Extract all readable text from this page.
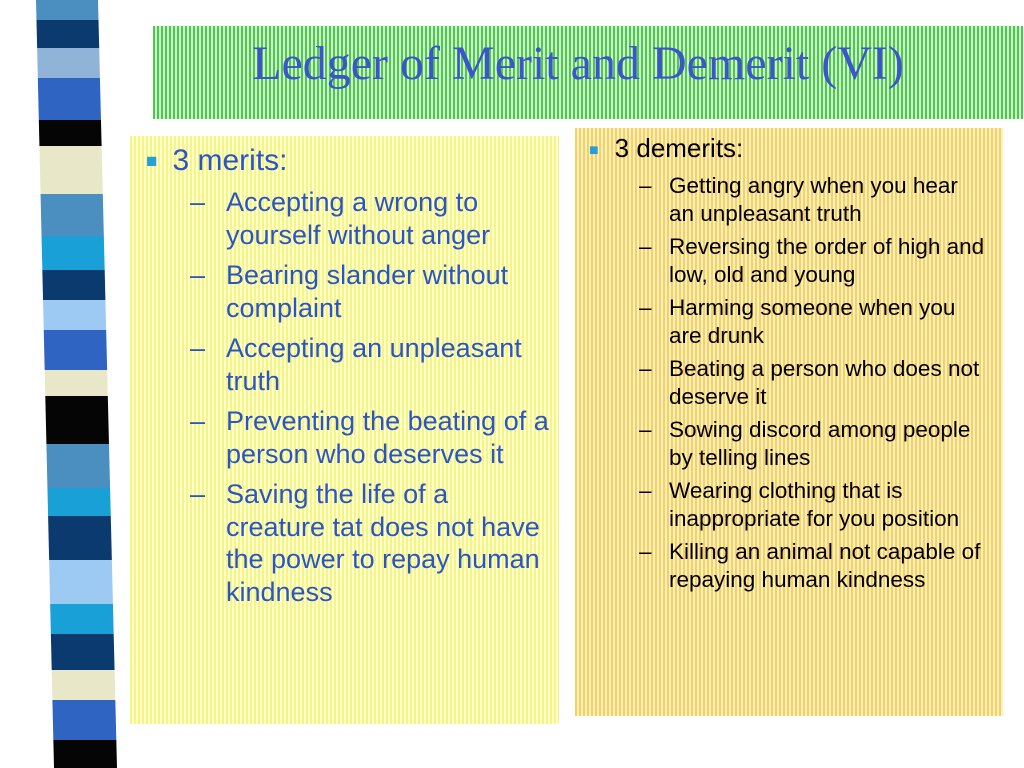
Ledger of Merit and Demerit (VI)
■ 3 merits:
– Accepting a wrong to yourself without anger
– Bearing slander without complaint
– Accepting an unpleasant truth
– Preventing the beating of a person who deserves it
– Saving the life of a creature tat does not have the power to repay human kindness
■ 3 demerits:
– Getting angry when you hear an unpleasant truth
– Reversing the order of high and low, old and young
– Harming someone when you are drunk
– Beating a person who does not deserve it
– Sowing discord among people by telling lines
– Wearing clothing that is inappropriate for you position
– Killing an animal not capable of repaying human kindness
